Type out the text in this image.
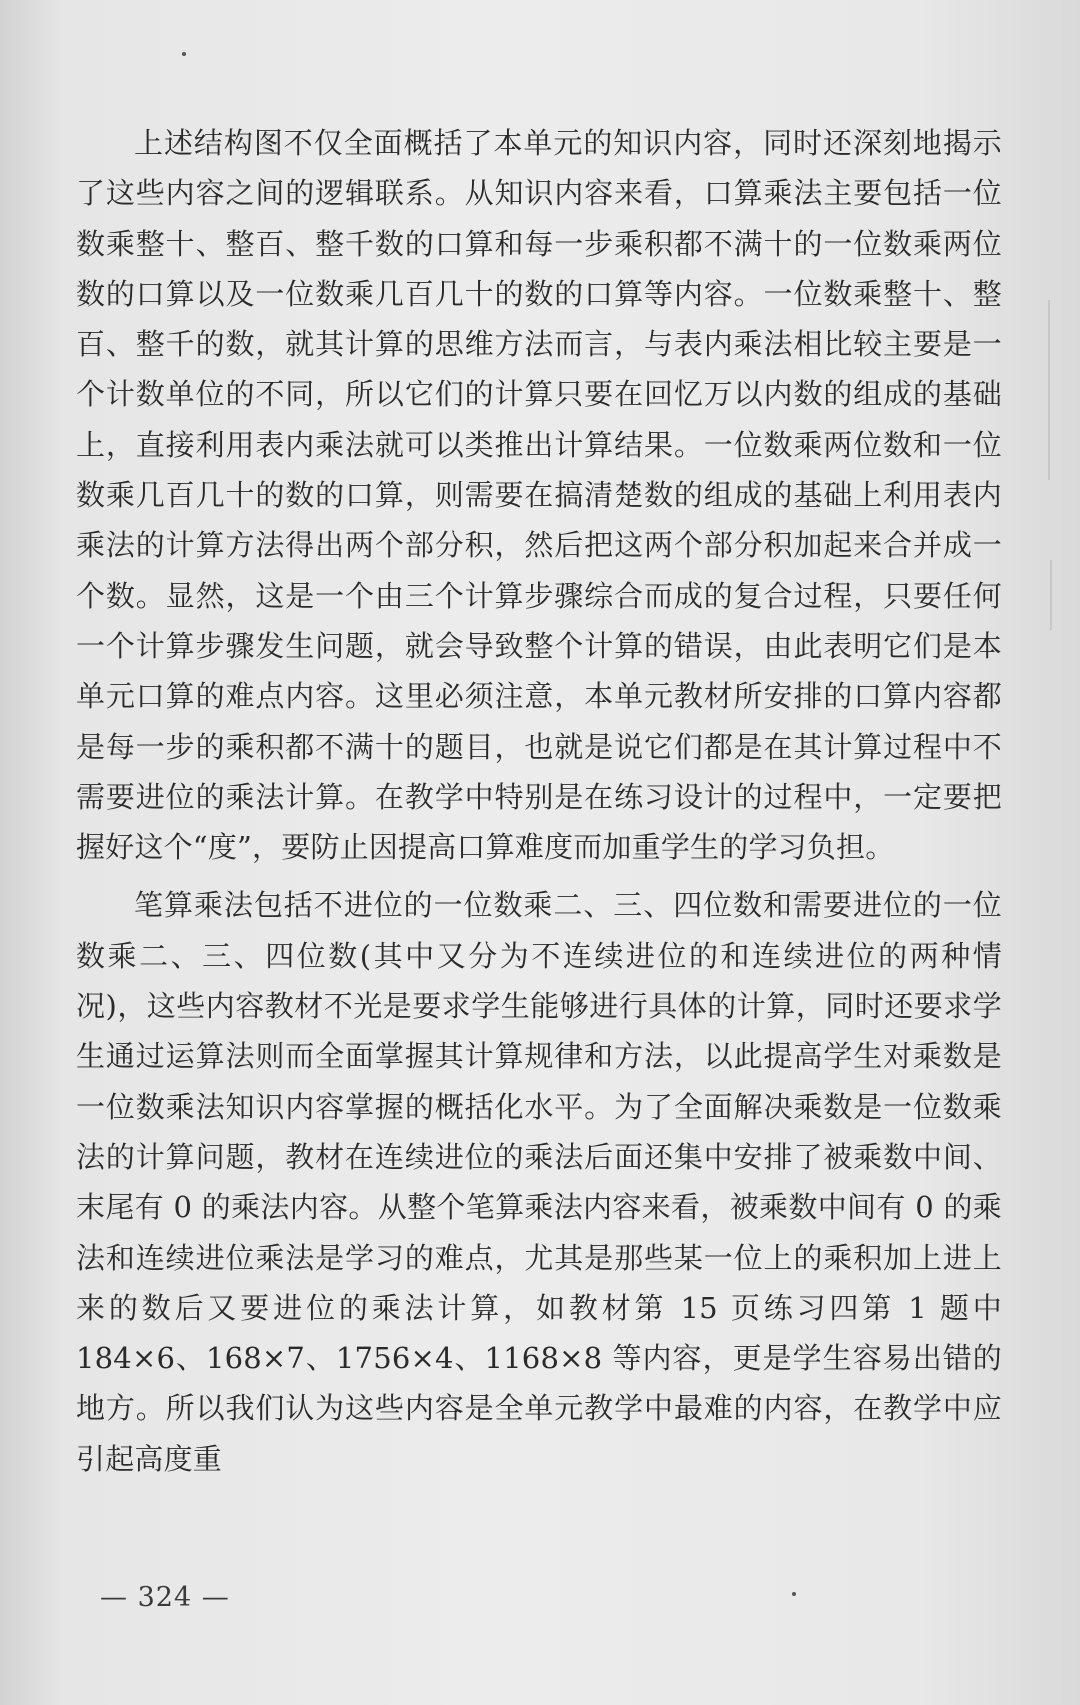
上述结构图不仅全面概括了本单元的知识内容，同时还深刻地揭示了这些内容之间的逻辑联系。从知识内容来看，口算乘法主要包括一位数乘整十、整百、整千数的口算和每一步乘积都不满十的一位数乘两位数的口算以及一位数乘几百几十的数的口算等内容。一位数乘整十、整百、整千的数，就其计算的思维方法而言，与表内乘法相比较主要是一个计数单位的不同，所以它们的计算只要在回忆万以内数的组成的基础上，直接利用表内乘法就可以类推出计算结果。一位数乘两位数和一位数乘几百几十的数的口算，则需要在搞清楚数的组成的基础上利用表内乘法的计算方法得出两个部分积，然后把这两个部分积加起来合并成一个数。显然，这是一个由三个计算步骤综合而成的复合过程，只要任何一个计算步骤发生问题，就会导致整个计算的错误，由此表明它们是本单元口算的难点内容。这里必须注意，本单元教材所安排的口算内容都是每一步的乘积都不满十的题目，也就是说它们都是在其计算过程中不需要进位的乘法计算。在教学中特别是在练习设计的过程中，一定要把握好这个“度”，要防止因提高口算难度而加重学生的学习负担。

笔算乘法包括不进位的一位数乘二、三、四位数和需要进位的一位数乘二、三、四位数(其中又分为不连续进位的和连续进位的两种情况)，这些内容教材不光是要求学生能够进行具体的计算，同时还要求学生通过运算法则而全面掌握其计算规律和方法，以此提高学生对乘数是一位数乘法知识内容掌握的概括化水平。为了全面解决乘数是一位数乘法的计算问题，教材在连续进位的乘法后面还集中安排了被乘数中间、末尾有 0 的乘法内容。从整个笔算乘法内容来看，被乘数中间有 0 的乘法和连续进位乘法是学习的难点，尤其是那些某一位上的乘积加上进上来的数后又要进位的乘法计算，如教材第 15 页练习四第 1 题中 184×6、168×7、1756×4、1168×8 等内容，更是学生容易出错的地方。所以我们认为这些内容是全单元教学中最难的内容，在教学中应引起高度重

— 324 —
